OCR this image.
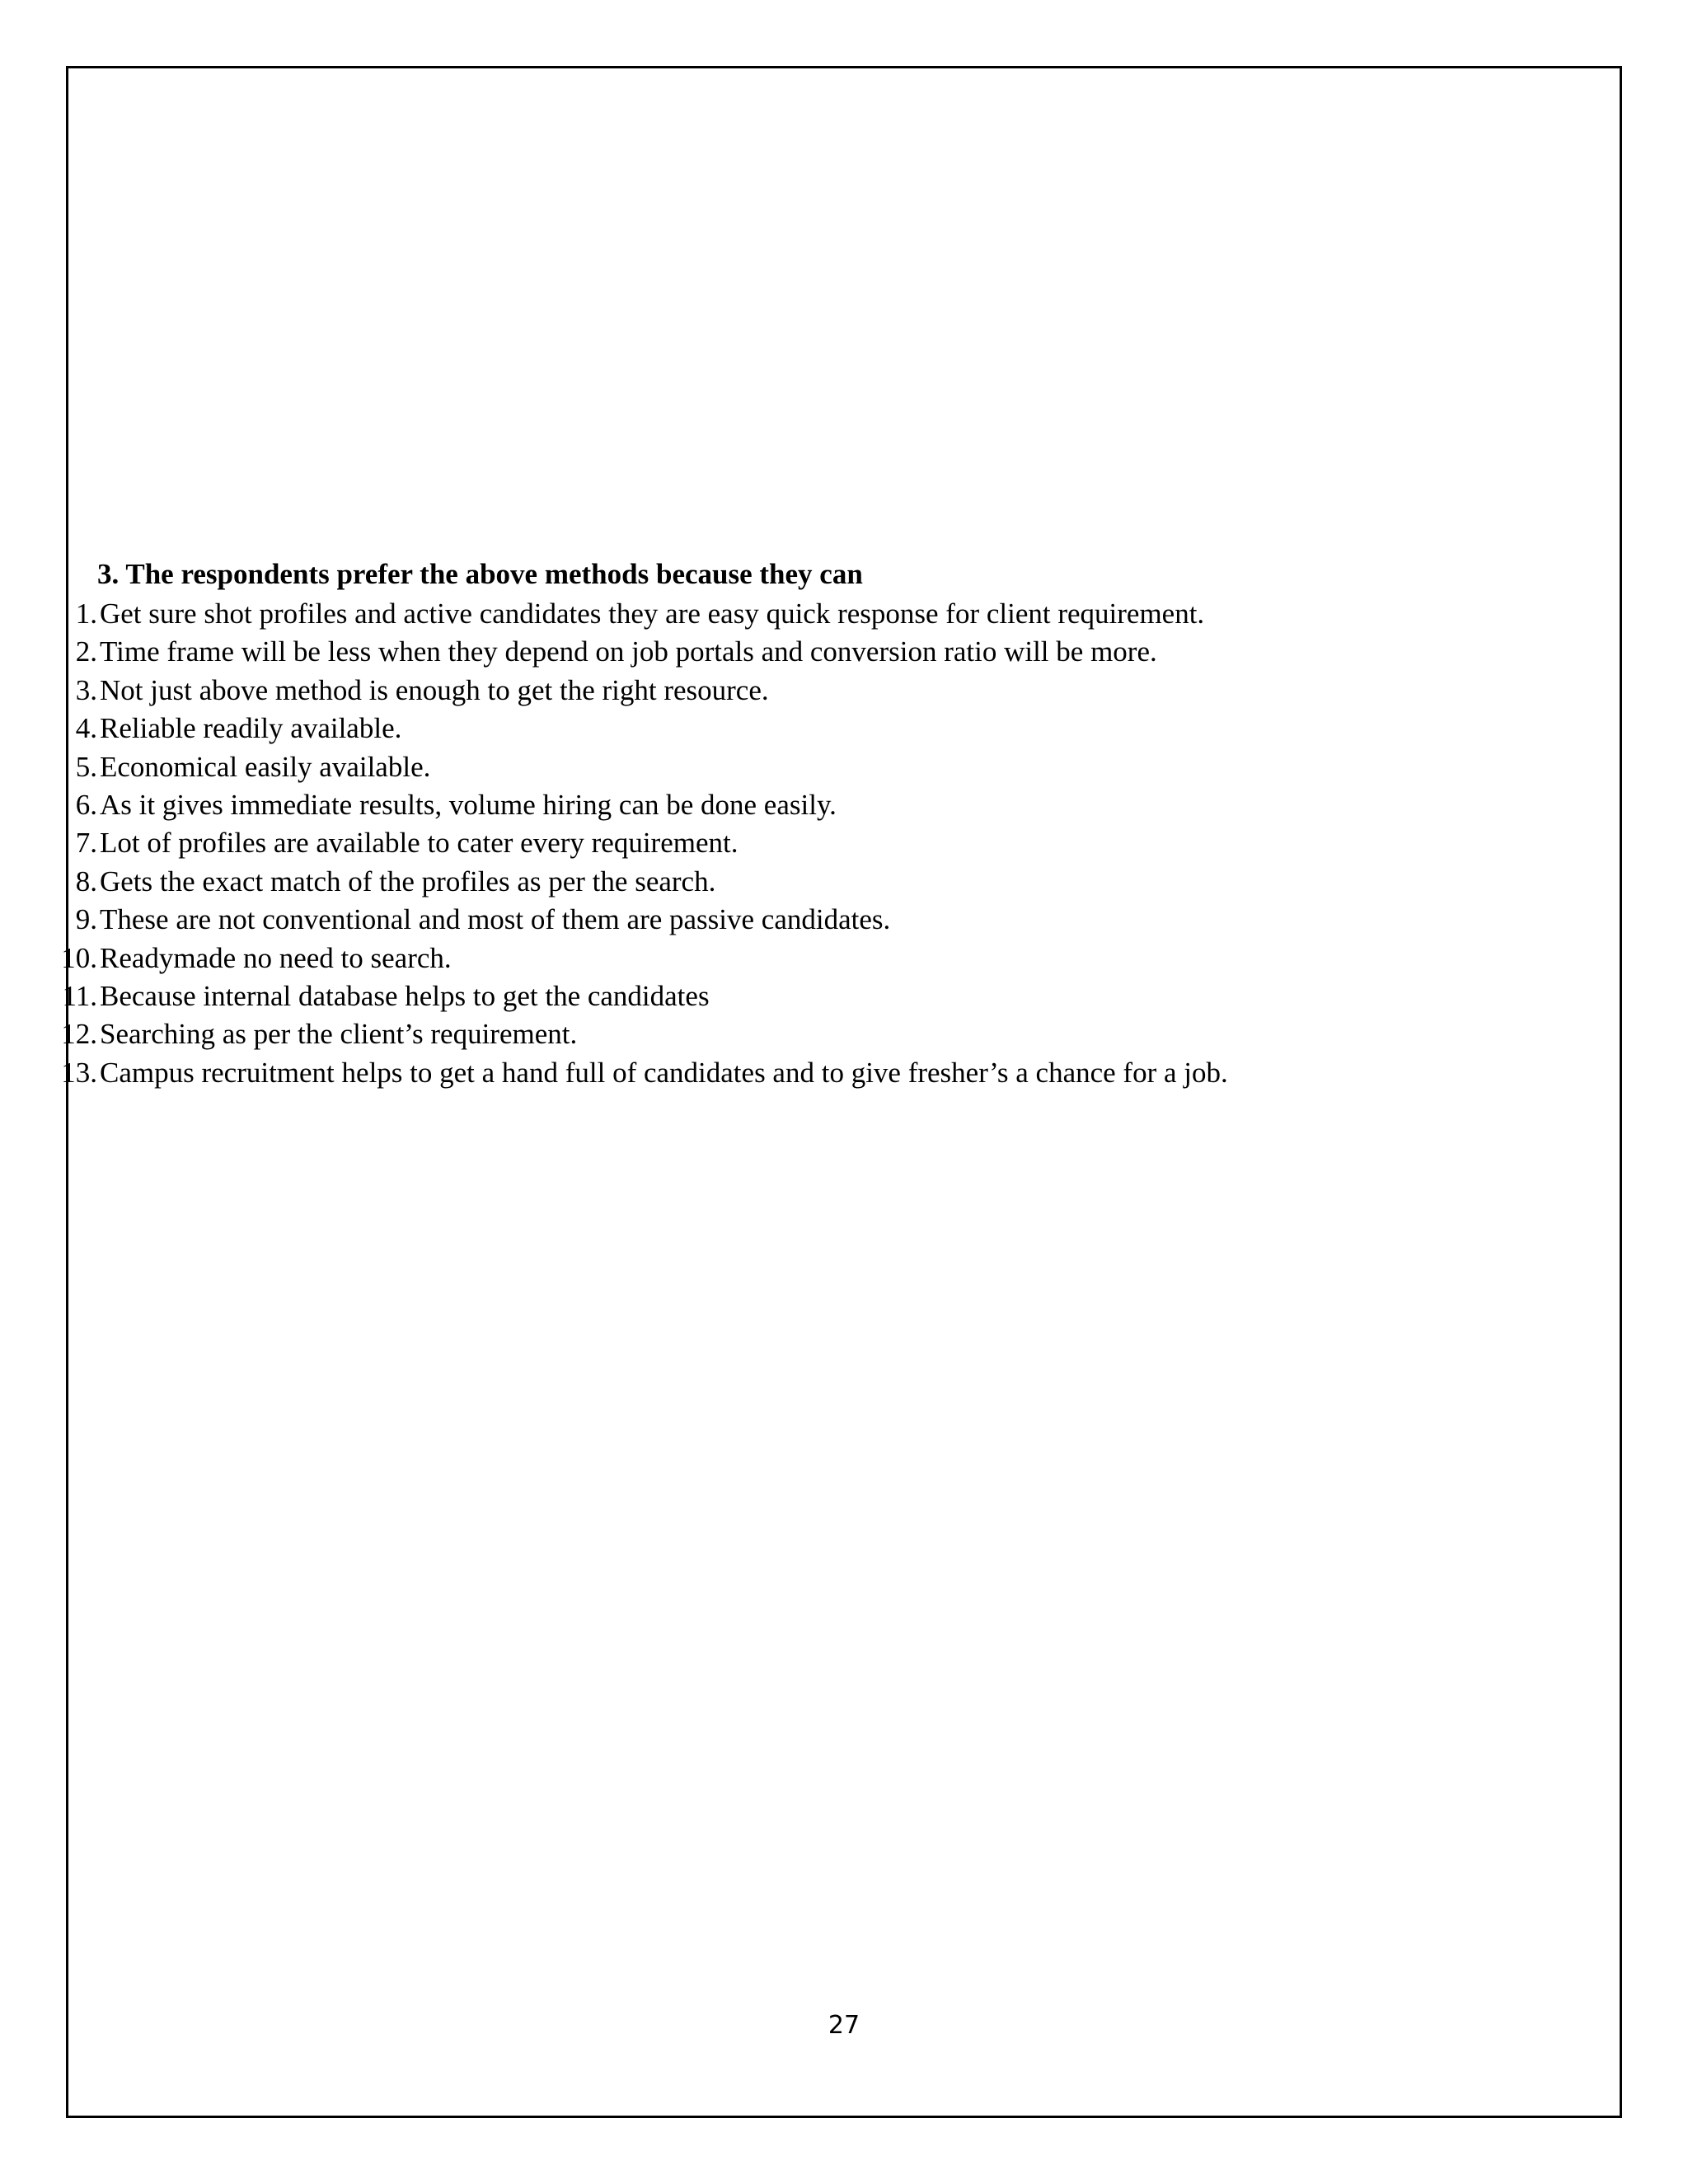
3. The respondents prefer the above methods because they can
1. Get sure shot profiles and active candidates they are easy quick response for client requirement.
2. Time frame will be less when they depend on job portals and conversion ratio will be more.
3. Not just above method is enough to get the right resource.
4. Reliable readily available.
5. Economical easily available.
6. As it gives immediate results, volume hiring can be done easily.
7. Lot of profiles are available to cater every requirement.
8. Gets the exact match of the profiles as per the search.
9. These are not conventional and most of them are passive candidates.
10. Readymade no need to search.
11. Because internal database helps to get the candidates
12. Searching as per the client’s requirement.
13. Campus recruitment helps to get a hand full of candidates and to give fresher’s a chance for a job.
27
